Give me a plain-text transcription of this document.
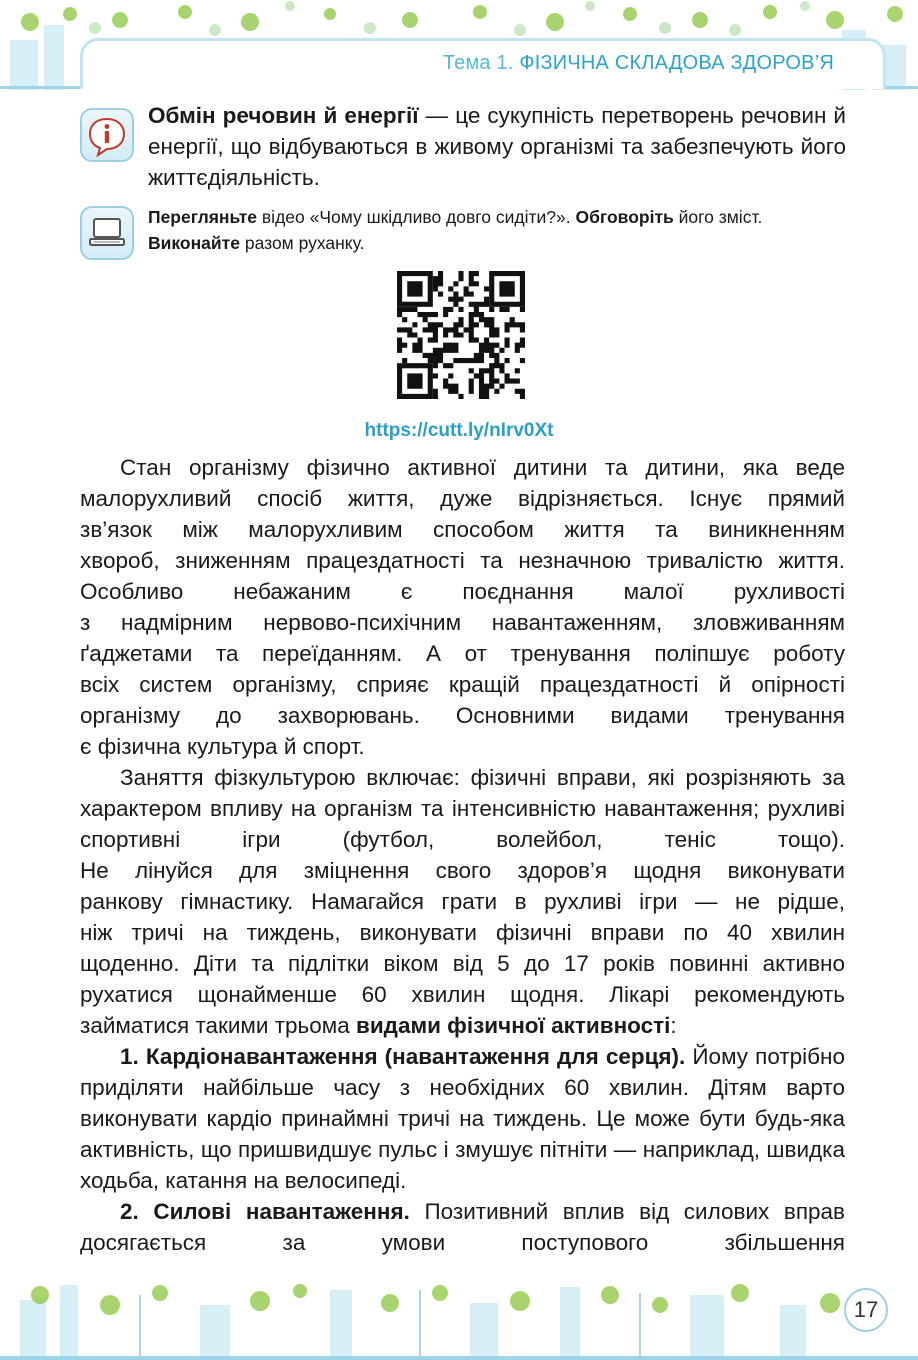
Тема 1. ФІЗИЧНА СКЛАДОВА ЗДОРОВ’Я
Обмін речовин й енергії — це сукупність перетворень речовин й енергії, що відбуваються в живому організмі та забезпечують його життєдіяльність.
Перегляньте відео «Чому шкідливо довго сидіти?». Обговоріть його зміст. Виконайте разом руханку.
https://cutt.ly/nIrv0Xt

Стан організму фізично активної дитини та дитини, яка веде

малорухливий спосіб життя, дуже відрізняється. Існує прямий

зв’язок між малорухливим способом життя та виникненням

хвороб, зниженням працездатності та незначною тривалістю життя. Особливо небажаним є поєднання малої рухливості

з надмірним нервово-психічним навантаженням, зловживанням

ґаджетами та переїданням. А от тренування поліпшує роботу

всіх систем організму, сприяє кращій працездатності й опірності організму до захворювань. Основними видами тренування

є фізична культура й спорт.

Заняття фізкультурою включає: фізичні вправи, які розрізняють за характером впливу на організм та інтенсивністю навантаження; рухливі спортивні ігри (футбол, волейбол, теніс тощо).

Не лінуйся для зміцнення свого здоров’я щодня виконувати

ранкову гімнастику. Намагайся грати в рухливі ігри — не рідше,

ніж тричі на тиждень, виконувати фізичні вправи по 40 хвилин

щоденно. Діти та підлітки віком від 5 до 17 років повинні активно

рухатися щонайменше 60 хвилин щодня. Лікарі рекомендують

займатися такими трьома видами фізичної активності:

1. Кардіонавантаження (навантаження для серця). Йому потрібно приділяти найбільше часу з необхідних 60 хвилин. Дітям варто виконувати кардіо принаймні тричі на тиждень. Це може бути будь-яка активність, що пришвидшує пульс і змушує пітніти — наприклад, швидка ходьба, катання на велосипеді.

2. Силові навантаження. Позитивний вплив від силових вправ досягається за умови поступового збільшення

17
